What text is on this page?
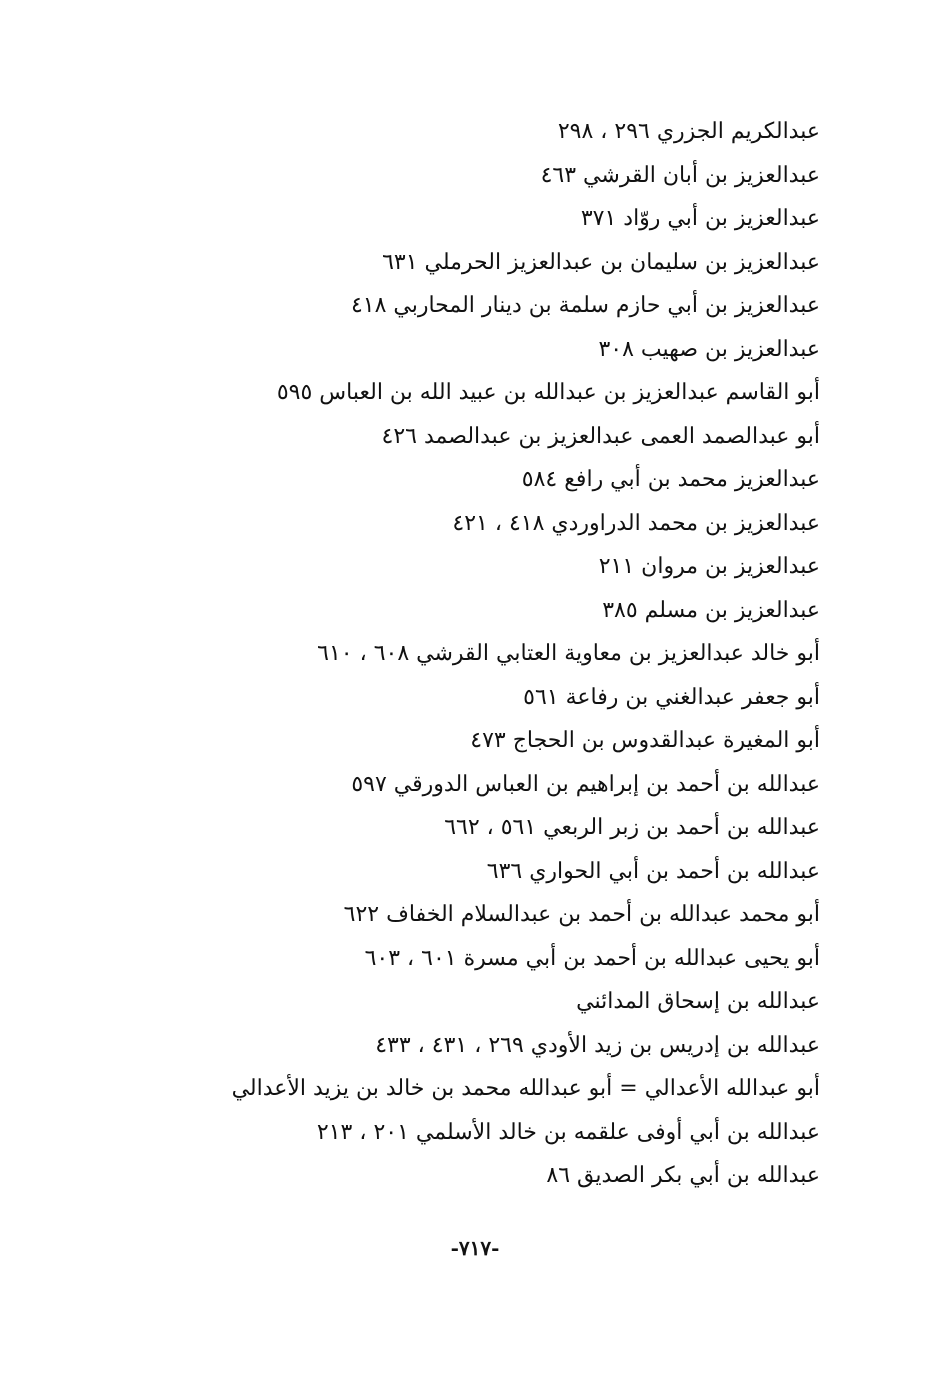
عبدالكريم الجزري ٢٩٦ ، ٢٩٨
عبدالعزيز بن أبان القرشي ٤٦٣
عبدالعزيز بن أبي روّاد ٣٧١
عبدالعزيز بن سليمان بن عبدالعزيز الحرملي ٦٣١
عبدالعزيز بن أبي حازم سلمة بن دينار المحاربي ٤١٨
عبدالعزيز بن صهيب ٣٠٨
أبو القاسم عبدالعزيز بن عبدالله بن عبيد الله بن العباس ٥٩٥
أبو عبدالصمد العمى عبدالعزيز بن عبدالصمد ٤٢٦
عبدالعزيز محمد بن أبي رافع ٥٨٤
عبدالعزيز بن محمد الدراوردي ٤١٨ ، ٤٢١
عبدالعزيز بن مروان ٢١١
عبدالعزيز بن مسلم ٣٨٥
أبو خالد عبدالعزيز بن معاوية العتابي القرشي ٦٠٨ ، ٦١٠
أبو جعفر عبدالغني بن رفاعة ٥٦١
أبو المغيرة عبدالقدوس بن الحجاج ٤٧٣
عبدالله بن أحمد بن إبراهيم بن العباس الدورقي ٥٩٧
عبدالله بن أحمد بن زبر الربعي ٥٦١ ، ٦٦٢
عبدالله بن أحمد بن أبي الحواري ٦٣٦
أبو محمد عبدالله بن أحمد بن عبدالسلام الخفاف ٦٢٢
أبو يحيى عبدالله بن أحمد بن أبي مسرة ٦٠١ ، ٦٠٣
عبدالله بن إسحاق المدائني
عبدالله بن إدريس بن زيد الأودي ٢٦٩ ، ٤٣١ ، ٤٣٣
أبو عبدالله الأعدالي = أبو عبدالله محمد بن خالد بن يزيد الأعدالي
عبدالله بن أبي أوفى علقمه بن خالد الأسلمي ٢٠١ ، ٢١٣
عبدالله بن أبي بكر الصديق ٨٦
-٧١٧-
